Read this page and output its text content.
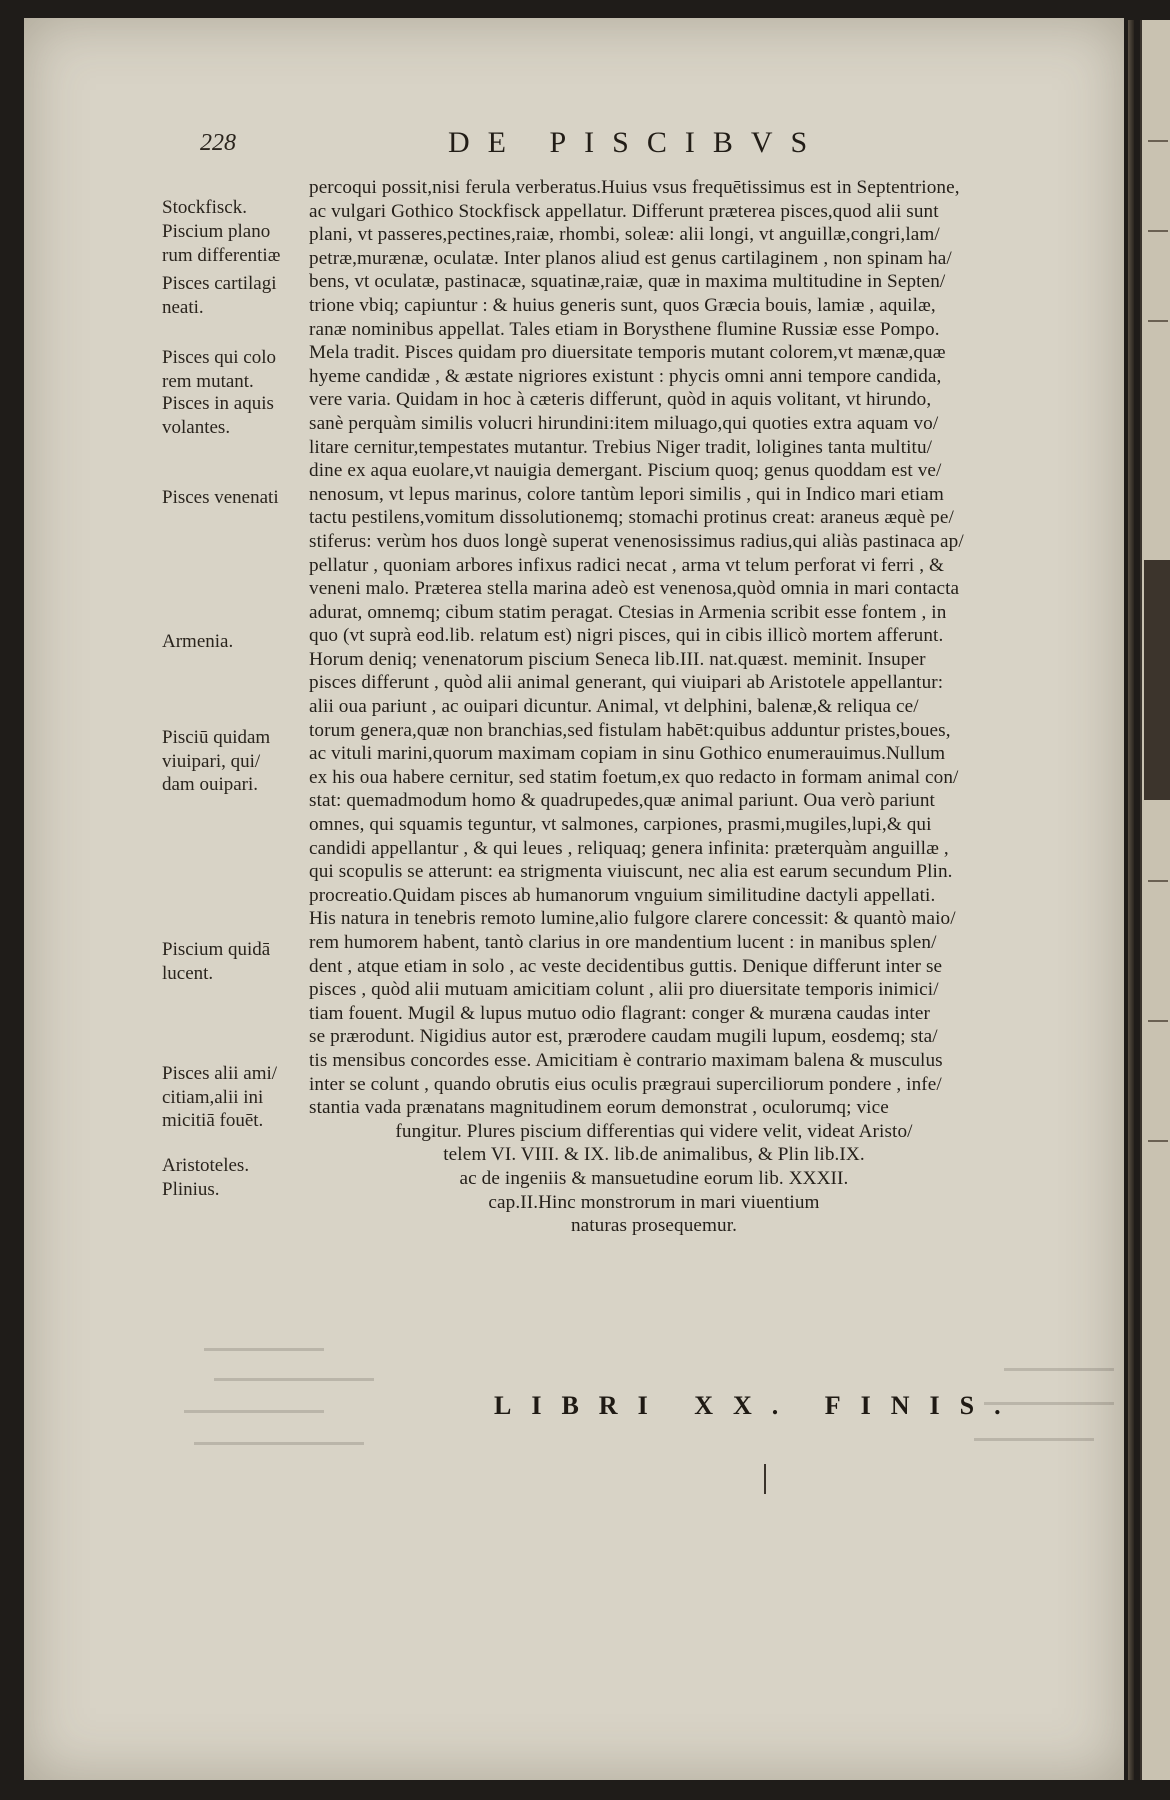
228	DE PISCIBVS
Stockfisck.
Piscium plano
rum differentiæ
Pisces cartilagi
neati.
Pisces qui colo
rem mutant.
Pisces in aquis
volantes.
Pisces venenati
Armenia.
Pisciū quidam
viuipari, qui/
dam ouipari.
Piscium quidā
lucent.
Pisces alii ami/
citiam,alii ini
micitiā fouēt.
Aristoteles.
Plinius.
percoqui possit,nisi ferula verberatus.Huius vsus frequētissimus est in Septentrione,
ac vulgari Gothico Stockfisck appellatur. Differunt præterea pisces,quod alii sunt
plani, vt passeres,pectines,raiæ, rhombi, soleæ: alii longi, vt anguillæ,congri,lam/
petræ,murænæ, oculatæ. Inter planos aliud est genus cartilaginem , non spinam ha/
bens, vt oculatæ, pastinacæ, squatinæ,raiæ, quæ in maxima multitudine in Septen/
trione vbiq; capiuntur : & huius generis sunt, quos Græcia bouis, lamiæ , aquilæ,
ranæ nominibus appellat. Tales etiam in Borysthene flumine Russiæ esse Pompo.
Mela tradit. Pisces quidam pro diuersitate temporis mutant colorem,vt mænæ,quæ
hyeme candidæ , & æstate nigriores existunt : phycis omni anni tempore candida,
vere varia. Quidam in hoc à cæteris differunt, quòd in aquis volitant, vt hirundo,
sanè perquàm similis volucri hirundini:item miluago,qui quoties extra aquam vo/
litare cernitur,tempestates mutantur. Trebius Niger tradit, loligines tanta multitu/
dine ex aqua euolare,vt nauigia demergant. Piscium quoq; genus quoddam est ve/
nenosum, vt lepus marinus, colore tantùm lepori similis , qui in Indico mari etiam
tactu pestilens,vomitum dissolutionemq; stomachi protinus creat: araneus æquè pe/
stiferus: verùm hos duos longè superat venenosissimus radius,qui aliàs pastinaca ap/
pellatur , quoniam arbores infixus radici necat , arma vt telum perforat vi ferri , &
veneni malo. Præterea stella marina adeò est venenosa,quòd omnia in mari contacta
adurat, omnemq; cibum statim peragat. Ctesias in Armenia scribit esse fontem , in
quo (vt suprà eod.lib. relatum est) nigri pisces, qui in cibis illicò mortem afferunt.
Horum deniq; venenatorum piscium Seneca lib.III. nat.quæst. meminit. Insuper
pisces differunt , quòd alii animal generant, qui viuipari ab Aristotele appellantur:
alii oua pariunt , ac ouipari dicuntur. Animal, vt delphini, balenæ,& reliqua ce/
torum genera,quæ non branchias,sed fistulam habēt:quibus adduntur pristes,boues,
ac vituli marini,quorum maximam copiam in sinu Gothico enumerauimus.Nullum
ex his oua habere cernitur, sed statim foetum,ex quo redacto in formam animal con/
stat: quemadmodum homo & quadrupedes,quæ animal pariunt. Oua verò pariunt
omnes, qui squamis teguntur, vt salmones, carpiones, prasmi,mugiles,lupi,& qui
candidi appellantur , & qui leues , reliquaq; genera infinita: præterquàm anguillæ ,
qui scopulis se atterunt: ea strigmenta viuiscunt, nec alia est earum secundum Plin.
procreatio.Quidam pisces ab humanorum vnguium similitudine dactyli appellati.
His natura in tenebris remoto lumine,alio fulgore clarere concessit: & quantò maio/
rem humorem habent, tantò clarius in ore mandentium lucent : in manibus splen/
dent , atque etiam in solo , ac veste decidentibus guttis. Denique differunt inter se
pisces , quòd alii mutuam amicitiam colunt , alii pro diuersitate temporis inimici/
tiam fouent. Mugil & lupus mutuo odio flagrant: conger & muræna caudas inter
se prærodunt. Nigidius autor est, prærodere caudam mugili lupum, eosdemq; sta/
tis mensibus concordes esse. Amicitiam è contrario maximam balena & musculus
inter se colunt , quando obrutis eius oculis prægraui superciliorum pondere , infe/
stantia vada prænatans magnitudinem eorum demonstrat , oculorumq; vice
fungitur. Plures piscium differentias qui videre velit, videat Aristo/
telem VI. VIII. & IX. lib.de animalibus, & Plin lib.IX.
ac de ingeniis & mansuetudine eorum lib. XXXII.
cap.II.Hinc monstrorum in mari viuentium
naturas prosequemur.
LIBRI XX. FINIS.
